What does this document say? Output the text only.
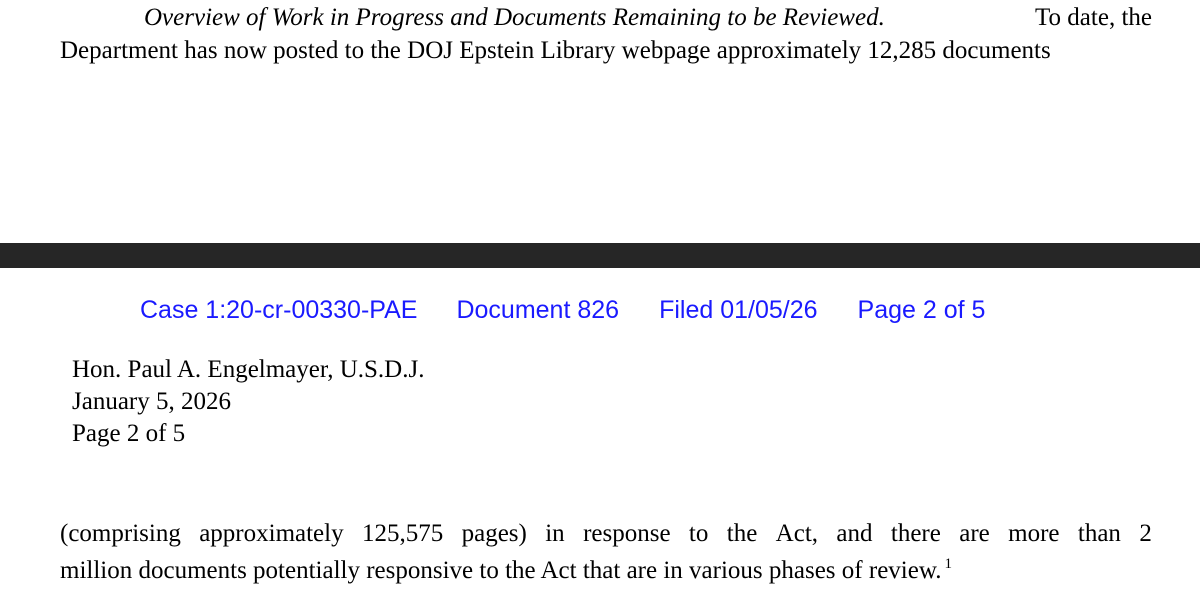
Overview of Work in Progress and Documents Remaining to be Reviewed.	To date, the
Department has now posted to the DOJ Epstein Library webpage approximately 12,285 documents
Case 1:20-cr-00330-PAE Document 826 Filed 01/05/26 Page 2 of 5
Hon. Paul A. Engelmayer, U.S.D.J.
January 5, 2026
Page 2 of 5
(comprising approximately 125,575 pages) in response to the Act, and there are more than 2
million documents potentially responsive to the Act that are in various phases of review. $^1$
